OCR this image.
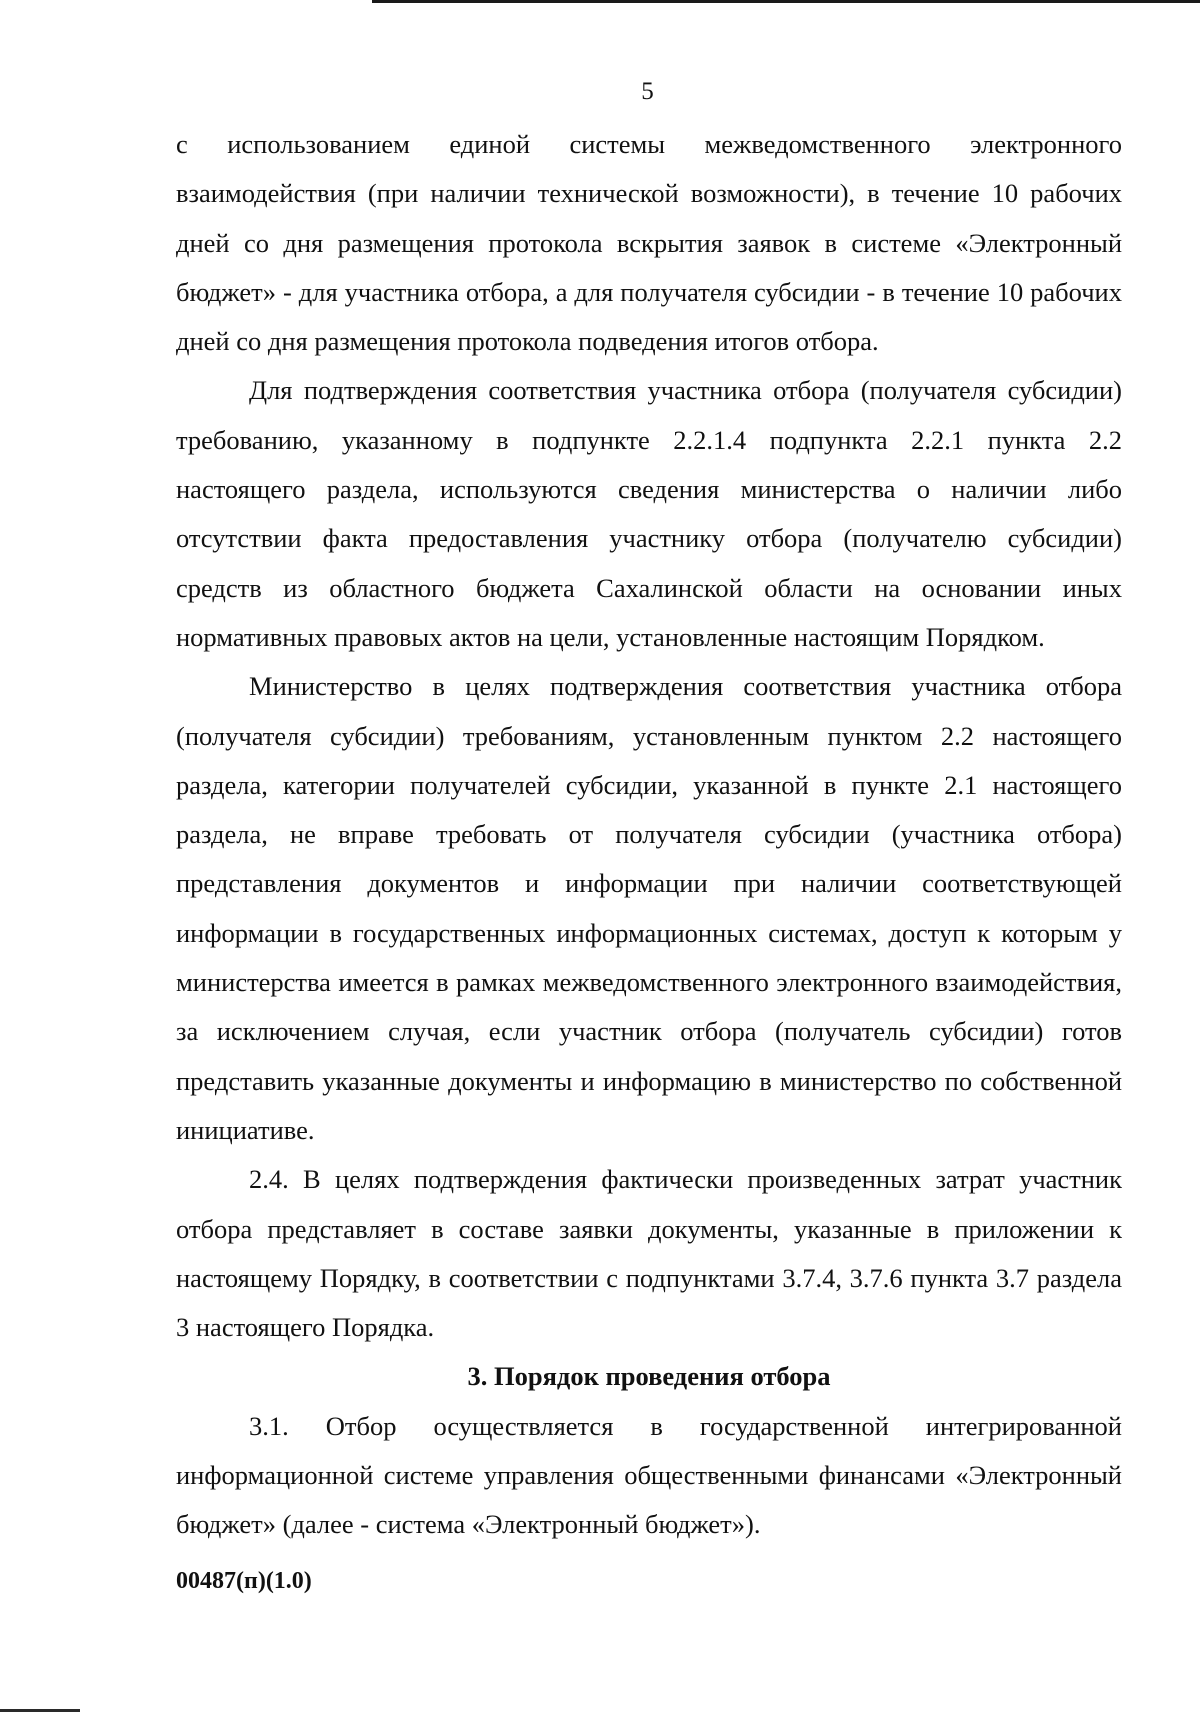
5

с использованием единой системы межведомственного электронного взаимодействия (при наличии технической возможности), в течение 10 рабочих дней со дня размещения протокола вскрытия заявок в системе «Электронный бюджет» - для участника отбора, а для получателя субсидии - в течение 10 рабочих дней со дня размещения протокола подведения итогов отбора.

Для подтверждения соответствия участника отбора (получателя субсидии) требованию, указанному в подпункте 2.2.1.4 подпункта 2.2.1 пункта 2.2 настоящего раздела, используются сведения министерства о наличии либо отсутствии факта предоставления участнику отбора (получателю субсидии) средств из областного бюджета Сахалинской области на основании иных нормативных правовых актов на цели, установленные настоящим Порядком.

Министерство в целях подтверждения соответствия участника отбора (получателя субсидии) требованиям, установленным пунктом 2.2 настоящего раздела, категории получателей субсидии, указанной в пункте 2.1 настоящего раздела, не вправе требовать от получателя субсидии (участника отбора) представления документов и информации при наличии соответствующей информации в государственных информационных системах, доступ к которым у министерства имеется в рамках межведомственного электронного взаимодействия, за исключением случая, если участник отбора (получатель субсидии) готов представить указанные документы и информацию в министерство по собственной инициативе.

2.4. В целях подтверждения фактически произведенных затрат участник отбора представляет в составе заявки документы, указанные в приложении к настоящему Порядку, в соответствии с подпунктами 3.7.4, 3.7.6 пункта 3.7 раздела 3 настоящего Порядка.

3. Порядок проведения отбора

3.1. Отбор осуществляется в государственной интегрированной информационной системе управления общественными финансами «Электронный бюджет» (далее - система «Электронный бюджет»).

00487(п)(1.0)
